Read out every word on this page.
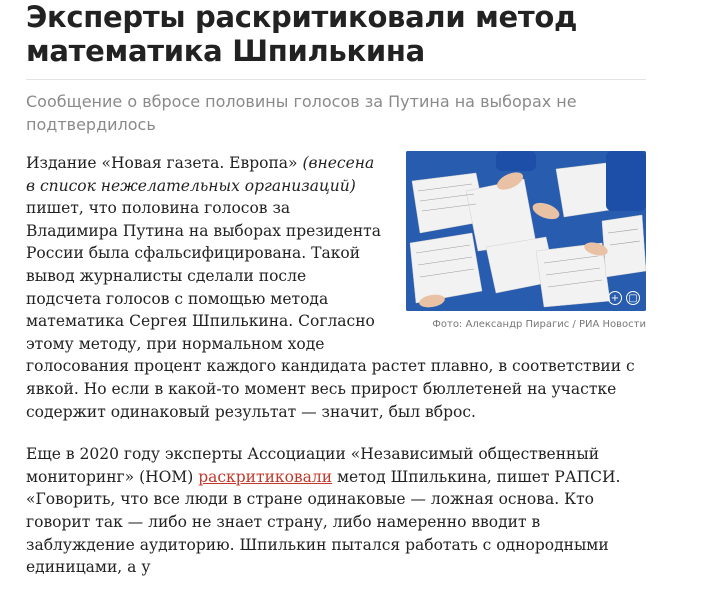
Эксперты раскритиковали метод математика Шпилькина

Сообщение о вбросе половины голосов за Путина на выборах не подтвердилось

+ ▢
Фото: Александр Пирагис / РИА Новости

Издание «Новая газета. Европа» (внесена в список нежелательных организаций) пишет, что половина голосов за Владимира Путина на выборах президента России была сфальсифицирована. Такой вывод журналисты сделали после подсчета голосов с помощью метода математика Сергея Шпилькина. Согласно этому методу, при нормальном ходе голосования процент каждого кандидата растет плавно, в соответствии с явкой. Но если в какой-то момент весь прирост бюллетеней на участке содержит одинаковый результат — значит, был вброс.

Еще в 2020 году эксперты Ассоциации «Независимый общественный мониторинг» (НОМ) раскритиковали метод Шпилькина, пишет РАПСИ. «Говорить, что все люди в стране одинаковые — ложная основа. Кто говорит так — либо не знает страну, либо намеренно вводит в заблуждение аудиторию. Шпилькин пытался работать с однородными единицами, а у
